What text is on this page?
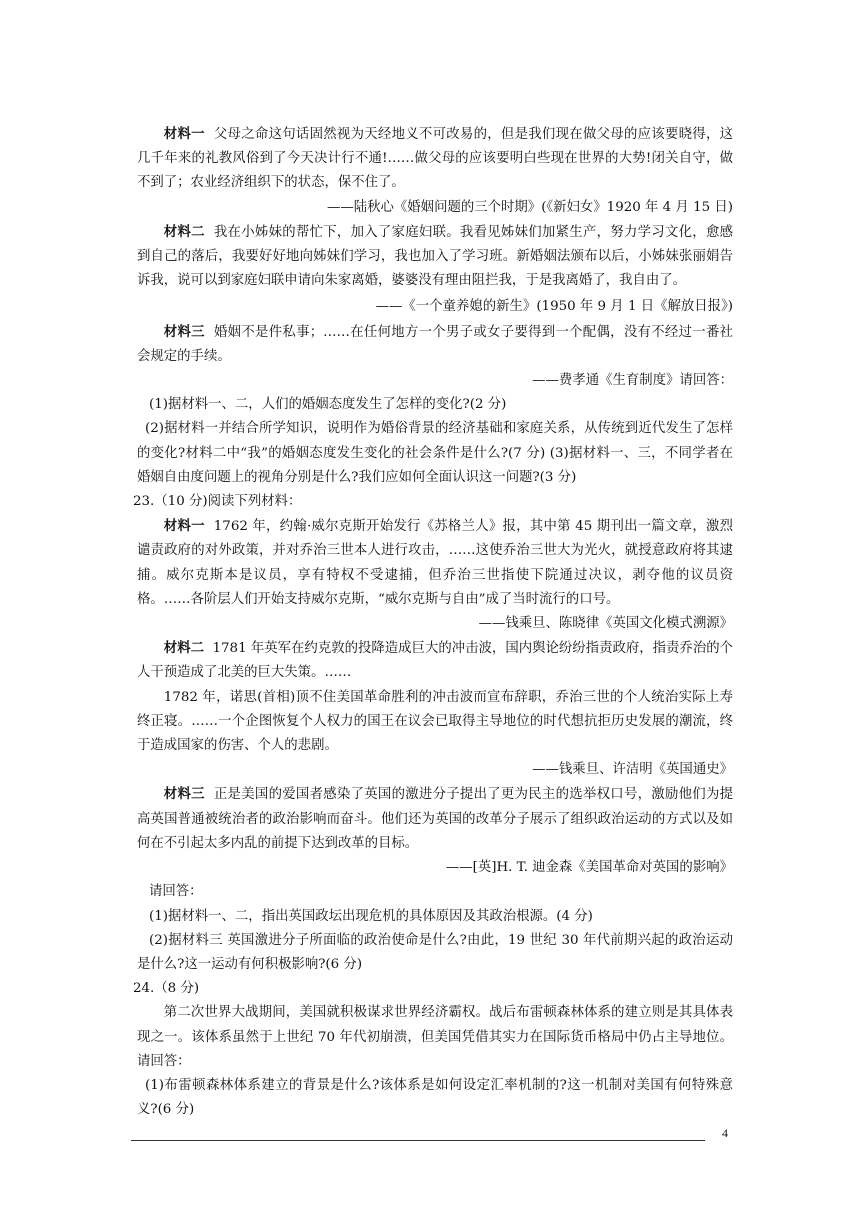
材料一 父母之命这句话固然视为天经地义不可改易的，但是我们现在做父母的应该要晓得，这几千年来的礼教风俗到了今天决计行不通!……做父母的应该要明白些现在世界的大势!闭关自守，做不到了；农业经济组织下的状态，保不住了。

——陆秋心《婚姻问题的三个时期》(《新妇女》1920 年 4 月 15 日)

材料二 我在小姊妹的帮忙下，加入了家庭妇联。我看见姊妹们加紧生产，努力学习文化，愈感到自己的落后，我要好好地向姊妹们学习，我也加入了学习班。新婚姻法颁布以后，小姊妹张丽娟告诉我，说可以到家庭妇联申请向朱家离婚，婆婆没有理由阻拦我，于是我离婚了，我自由了。

——《一个童养媳的新生》(1950 年 9 月 1 日《解放日报》)

材料三 婚姻不是件私事；……在任何地方一个男子或女子要得到一个配偶，没有不经过一番社会规定的手续。

——费孝通《生育制度》请回答：

(1)据材料一、二，人们的婚姻态度发生了怎样的变化?(2 分)

(2)据材料一并结合所学知识，说明作为婚俗背景的经济基础和家庭关系，从传统到近代发生了怎样的变化?材料二中“我”的婚姻态度发生变化的社会条件是什么?(7 分) (3)据材料一、三，不同学者在婚姻自由度问题上的视角分别是什么?我们应如何全面认识这一问题?(3 分)

23.（10 分)阅读下列材料：

材料一 1762 年，约翰·威尔克斯开始发行《苏格兰人》报，其中第 45 期刊出一篇文章，激烈谴责政府的对外政策，并对乔治三世本人进行攻击，……这使乔治三世大为光火，就授意政府将其逮捕。威尔克斯本是议员，享有特权不受逮捕，但乔治三世指使下院通过决议，剥夺他的议员资格。……各阶层人们开始支持威尔克斯，“威尔克斯与自由”成了当时流行的口号。

——钱乘旦、陈晓律《英国文化模式溯源》

材料二 1781 年英军在约克敦的投降造成巨大的冲击波，国内舆论纷纷指责政府，指责乔治的个人干预造成了北美的巨大失策。……

1782 年，诺思(首相)顶不住美国革命胜利的冲击波而宣布辞职，乔治三世的个人统治实际上寿终正寝。……一个企图恢复个人权力的国王在议会已取得主导地位的时代想抗拒历史发展的潮流，终于造成国家的伤害、个人的悲剧。

——钱乘旦、许洁明《英国通史》

材料三 正是美国的爱国者感染了英国的激进分子提出了更为民主的选举权口号，激励他们为提高英国普通被统治者的政治影响而奋斗。他们还为英国的改革分子展示了组织政治运动的方式以及如何在不引起太多内乱的前提下达到改革的目标。

——[英]H. T. 迪金森《美国革命对英国的影响》

请回答：

(1)据材料一、二，指出英国政坛出现危机的具体原因及其政治根源。(4 分)

(2)据材料三 英国激进分子所面临的政治使命是什么?由此，19 世纪 30 年代前期兴起的政治运动是什么?这一运动有何积极影响?(6 分)

24.（8 分)

第二次世界大战期间，美国就积极谋求世界经济霸权。战后布雷顿森林体系的建立则是其具体表现之一。该体系虽然于上世纪 70 年代初崩溃，但美国凭借其实力在国际货币格局中仍占主导地位。请回答：

(1)布雷顿森林体系建立的背景是什么?该体系是如何设定汇率机制的?这一机制对美国有何特殊意义?(6 分)

4
